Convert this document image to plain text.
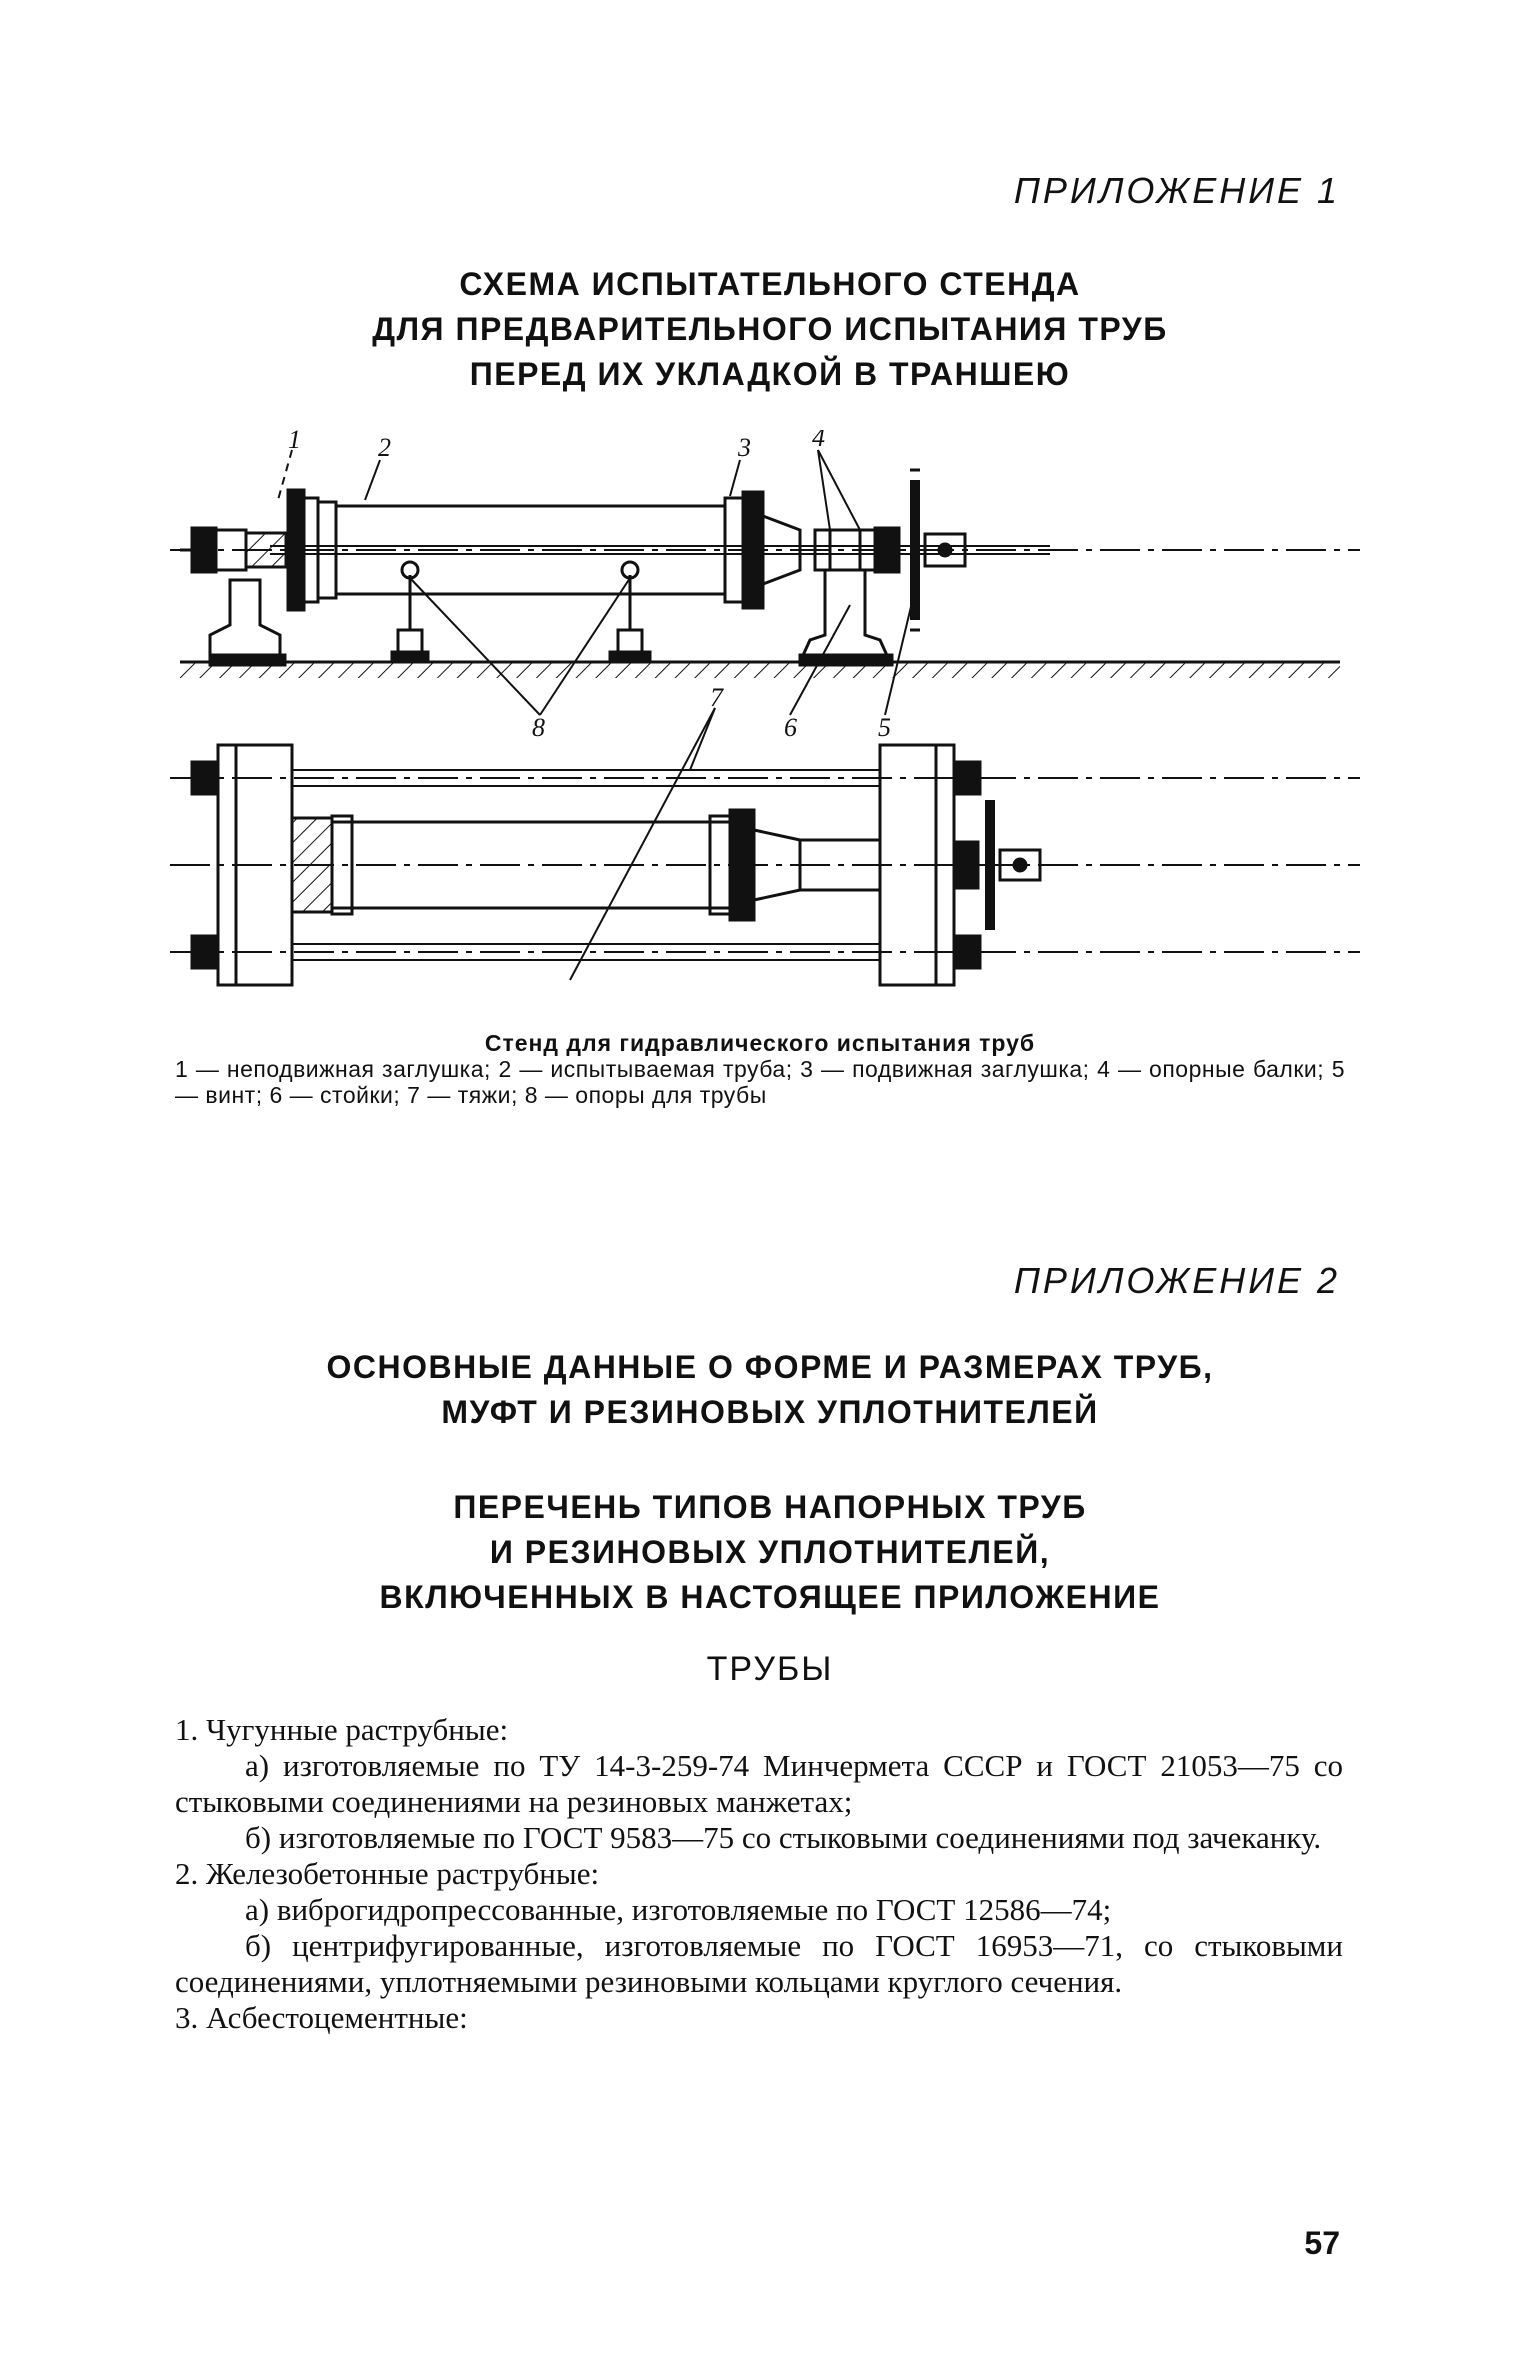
ПРИЛОЖЕНИЕ 1
СХЕМА ИСПЫТАТЕЛЬНОГО СТЕНДА
ДЛЯ ПРЕДВАРИТЕЛЬНОГО ИСПЫТАНИЯ ТРУБ
ПЕРЕД ИХ УКЛАДКОЙ В ТРАНШЕЮ
1	2	3 4
5
6
7
8
Стенд для гидравлического испытания труб
1 — неподвижная заглушка; 2 — испытываемая труба; 3 — подвижная заглушка; 4 — опорные балки; 5 — винт; 6 — стойки; 7 — тяжи; 8 — опоры для трубы
ПРИЛОЖЕНИЕ 2
ОСНОВНЫЕ ДАННЫЕ О ФОРМЕ И РАЗМЕРАХ ТРУБ,
МУФТ И РЕЗИНОВЫХ УПЛОТНИТЕЛЕЙ
ПЕРЕЧЕНЬ ТИПОВ НАПОРНЫХ ТРУБ
И РЕЗИНОВЫХ УПЛОТНИТЕЛЕЙ,
ВКЛЮЧЕННЫХ В НАСТОЯЩЕЕ ПРИЛОЖЕНИЕ
ТРУБЫ

1. Чугунные раструбные:

а) изготовляемые по ТУ 14-3-259-74 Минчермета СССР и ГОСТ 21053—75 со стыковыми соединениями на резиновых манжетах;

б) изготовляемые по ГОСТ 9583—75 со стыковыми соединениями под зачеканку.

2. Железобетонные раструбные:

а) виброгидропрессованные, изготовляемые по ГОСТ 12586—74;

б) центрифугированные, изготовляемые по ГОСТ 16953—71, со стыковыми соединениями, уплотняемыми резиновыми кольцами круглого сечения.

3. Асбестоцементные:

57
